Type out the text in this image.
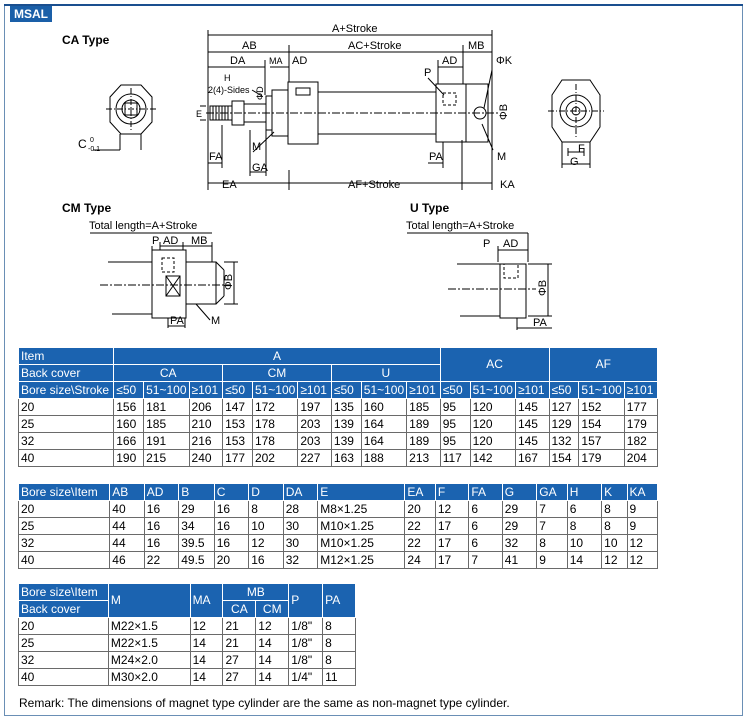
MSAL
CA Type
CM Type	U Type
C 0
-0.1
A+Stroke
AB	AC+Stroke	MB
DA	MA AD	AD	ΦK
H
2(4)-Sides
P
E
FA
M
GA
PA	M
EA	AF+Stroke	KA
ΦD
ΦB
F
G
Total length=A+Stroke
P AD MB
PA M
ΦB
Total length=A+Stroke
P AD
PA
ΦB
Item	A									AC			AF		
Back cover	CA			CM			U								
Bore size\Stroke	≤50	51~100	≥101	≤50	51~100	≥101	≤50	51~100	≥101	≤50	51~100	≥101	≤50	51~100	≥101
20	156	181	206	147	172	197	135	160	185	95	120	145	127	152	177
25	160	185	210	153	178	203	139	164	189	95	120	145	129	154	179
32	166	191	216	153	178	203	139	164	189	95	120	145	132	157	182
40	190	215	240	177	202	227	163	188	213	117	142	167	154	179	204
Bore size\Item	AB	AD	B	C	D	DA	E	EA	F	FA	G	GA	H	K	KA
20	40	16	29	16	8	28	M8×1.25	20	12	6	29	7	6	8	9
25	44	16	34	16	10	30	M10×1.25	22	17	6	29	7	8	8	9
32	44	16	39.5	16	12	30	M10×1.25	22	17	6	32	8	10	10	12
40	46	22	49.5	20	16	32	M12×1.25	24	17	7	41	9	14	12	12
Bore size\Item	M	MA	MB		P	PA
Back cover			CA	CM		
20	M22×1.5	12	21	12	1/8"	8
25	M22×1.5	14	21	14	1/8"	8
32	M24×2.0	14	27	14	1/8"	8
40	M30×2.0	14	27	14	1/4"	11
Remark: The dimensions of magnet type cylinder are the same as non-magnet type cylinder.
